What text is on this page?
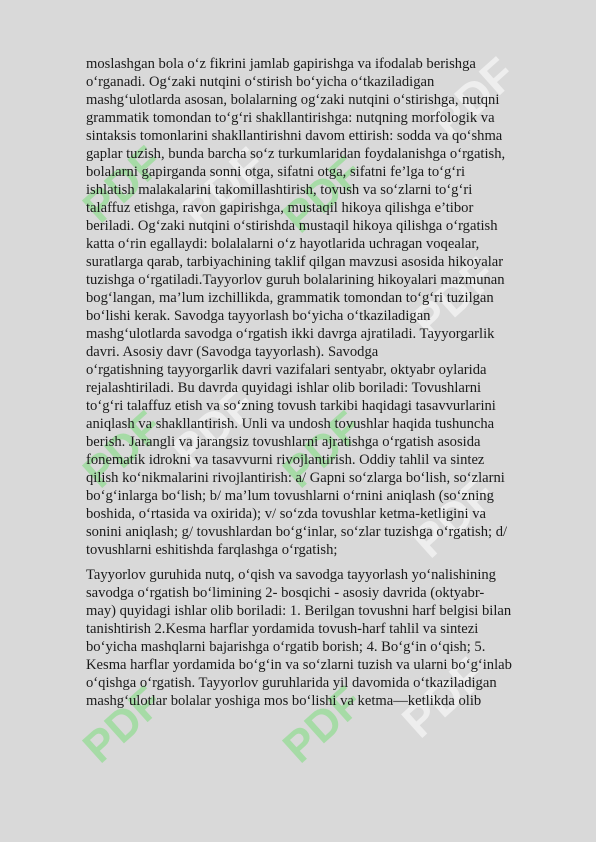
PDF
PDF
PDF
PDF
PDF
PDF
PDF PDF
PDF PDF
PDF PDF

moslashgan bola o‘z fikrini jamlab gapirishga va ifodalab berishga

o‘rganadi. Og‘zaki nutqini o‘stirish bo‘yicha o‘tkaziladigan

mashg‘ulotlarda asosan, bolalarning og‘zaki nutqini o‘stirishga, nutqni

grammatik tomondan to‘g‘ri shakllantirishga: nutqning morfologik va

sintaksis tomonlarini shakllantirishni davom ettirish: sodda va qo‘shma

gaplar tuzish, bunda barcha so‘z turkumlaridan foydalanishga o‘rgatish,

bolalarni gapirganda sonni otga, sifatni otga, sifatni fe’lga to‘g‘ri

ishlatish malakalarini takomillashtirish, tovush va so‘zlarni to‘g‘ri

talaffuz etishga, ravon gapirishga, mustaqil hikoya qilishga e’tibor

beriladi. Og‘zaki nutqini o‘stirishda mustaqil hikoya qilishga o‘rgatish

katta o‘rin egallaydi: bolalalarni o‘z hayotlarida uchragan voqealar,

suratlarga qarab, tarbiyachining taklif qilgan mavzusi asosida hikoyalar

tuzishga o‘rgatiladi.Tayyorlov guruh bolalarining hikoyalari mazmunan

bog‘langan, ma’lum izchillikda, grammatik tomondan to‘g‘ri tuzilgan

bo‘lishi kerak. Savodga tayyorlash bo‘yicha o‘tkaziladigan

mashg‘ulotlarda savodga o‘rgatish ikki davrga ajratiladi. Tayyorgarlik

davri. Asosiy davr (Savodga tayyorlash). Savodga

o‘rgatishning tayyorgarlik davri vazifalari sentyabr, oktyabr oylarida

rejalashtiriladi. Bu davrda quyidagi ishlar olib boriladi: Tovushlarni

to‘g‘ri talaffuz etish va so‘zning tovush tarkibi haqidagi tasavvurlarini

aniqlash va shakllantirish. Unli va undosh tovushlar haqida tushuncha

berish. Jarangli va jarangsiz tovushlarni ajratishga o‘rgatish asosida

fonematik idrokni va tasavvurni rivojlantirish. Oddiy tahlil va sintez

qilish ko‘nikmalarini rivojlantirish: a/ Gapni so‘zlarga bo‘lish, so‘zlarni

bo‘g‘inlarga bo‘lish; b/ ma’lum tovushlarni o‘rnini aniqlash (so‘zning

boshida, o‘rtasida va oxirida); v/ so‘zda tovushlar ketma-ketligini va

sonini aniqlash; g/ tovushlardan bo‘g‘inlar, so‘zlar tuzishga o‘rgatish; d/

tovushlarni eshitishda farqlashga o‘rgatish;

Tayyorlov guruhida nutq, o‘qish va savodga tayyorlash yo‘nalishining

savodga o‘rgatish bo‘limining 2- bosqichi - asosiy davrida (oktyabr-

may) quyidagi ishlar olib boriladi: 1. Berilgan tovushni harf belgisi bilan

tanishtirish 2.Kesma harflar yordamida tovush-harf tahlil va sintezi

bo‘yicha mashqlarni bajarishga o‘rgatib borish; 4. Bo‘g‘in o‘qish; 5.

Kesma harflar yordamida bo‘g‘in va so‘zlarni tuzish va ularni bo‘g‘inlab

o‘qishga o‘rgatish. Tayyorlov guruhlarida yil davomida o‘tkaziladigan

mashg‘ulotlar bolalar yoshiga mos bo‘lishi va ketma—ketlikda olib
